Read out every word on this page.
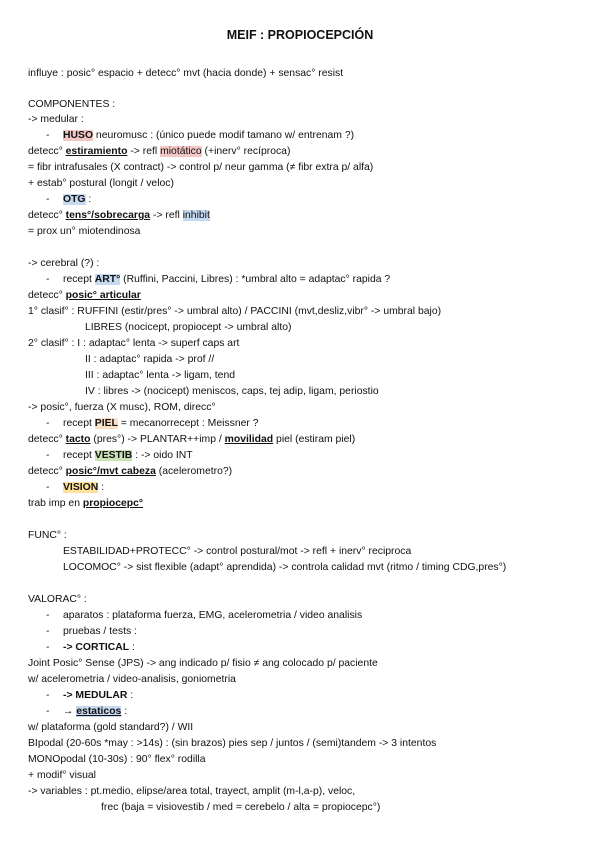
MEIF : PROPIOCEPCIÓN
influye : posic° espacio + detecc° mvt (hacia donde) + sensac° resist
COMPONENTES :
-> medular :
- HUSO neuromusc : (único puede modif tamano w/ entrenam ?)
detecc° estiramiento -> refl miotático (+inerv° recíproca)
= fibr intrafusales (X contract) -> control p/ neur gamma (≠ fibr extra p/ alfa)
+ estab° postural (longit / veloc)
- OTG :
detecc° tens°/sobrecarga -> refl inhibit
= prox un° miotendinosa
-> cerebral (?) :
- recept ART° (Ruffini, Paccini, Libres) : *umbral alto = adaptac° rapida ?
detecc° posic° articular
1° clasif° : RUFFINI (estir/pres° -> umbral alto) / PACCINI (mvt,desliz,vibr° -> umbral bajo)
LIBRES (nocicept, propiocept -> umbral alto)
2° clasif° : I : adaptac° lenta -> superf caps art
II : adaptac° rapida -> prof //
III : adaptac° lenta -> ligam, tend
IV : libres -> (nocicept) meniscos, caps, tej adip, ligam, periostio
-> posic°, fuerza (X musc), ROM, direcc°
- recept PIEL = mecanorrecept : Meissner ?
detecc° tacto (pres°) -> PLANTAR++imp / movilidad piel (estiram piel)
- recept VESTIB : -> oido INT
detecc° posic°/mvt cabeza (acelerometro?)
- VISION :
trab imp en propiocepc°
FUNC° :
ESTABILIDAD+PROTECC° -> control postural/mot -> refl + inerv° reciproca
LOCOMOC° -> sist flexible (adapt° aprendida) -> controla calidad mvt (ritmo / timing CDG,pres°)
VALORAC° :
- aparatos : plataforma fuerza, EMG, acelerometria / video analisis
- pruebas / tests :
- -> CORTICAL :
Joint Posic° Sense (JPS) -> ang indicado p/ fisio ≠ ang colocado p/ paciente
w/ acelerometria / video-analisis, goniometria
- -> MEDULAR :
- → estaticos :
w/ plataforma (gold standard?) / WII
BIpodal (20-60s *may : >14s) : (sin brazos) pies sep / juntos / (semi)tandem -> 3 intentos
MONOpodal (10-30s) : 90° flex° rodilla
+ modif° visual
-> variables : pt.medio, elipse/area total, trayect, amplit (m-l,a-p), veloc,
frec (baja = visiovestib / med = cerebelo / alta = propiocepc°)
